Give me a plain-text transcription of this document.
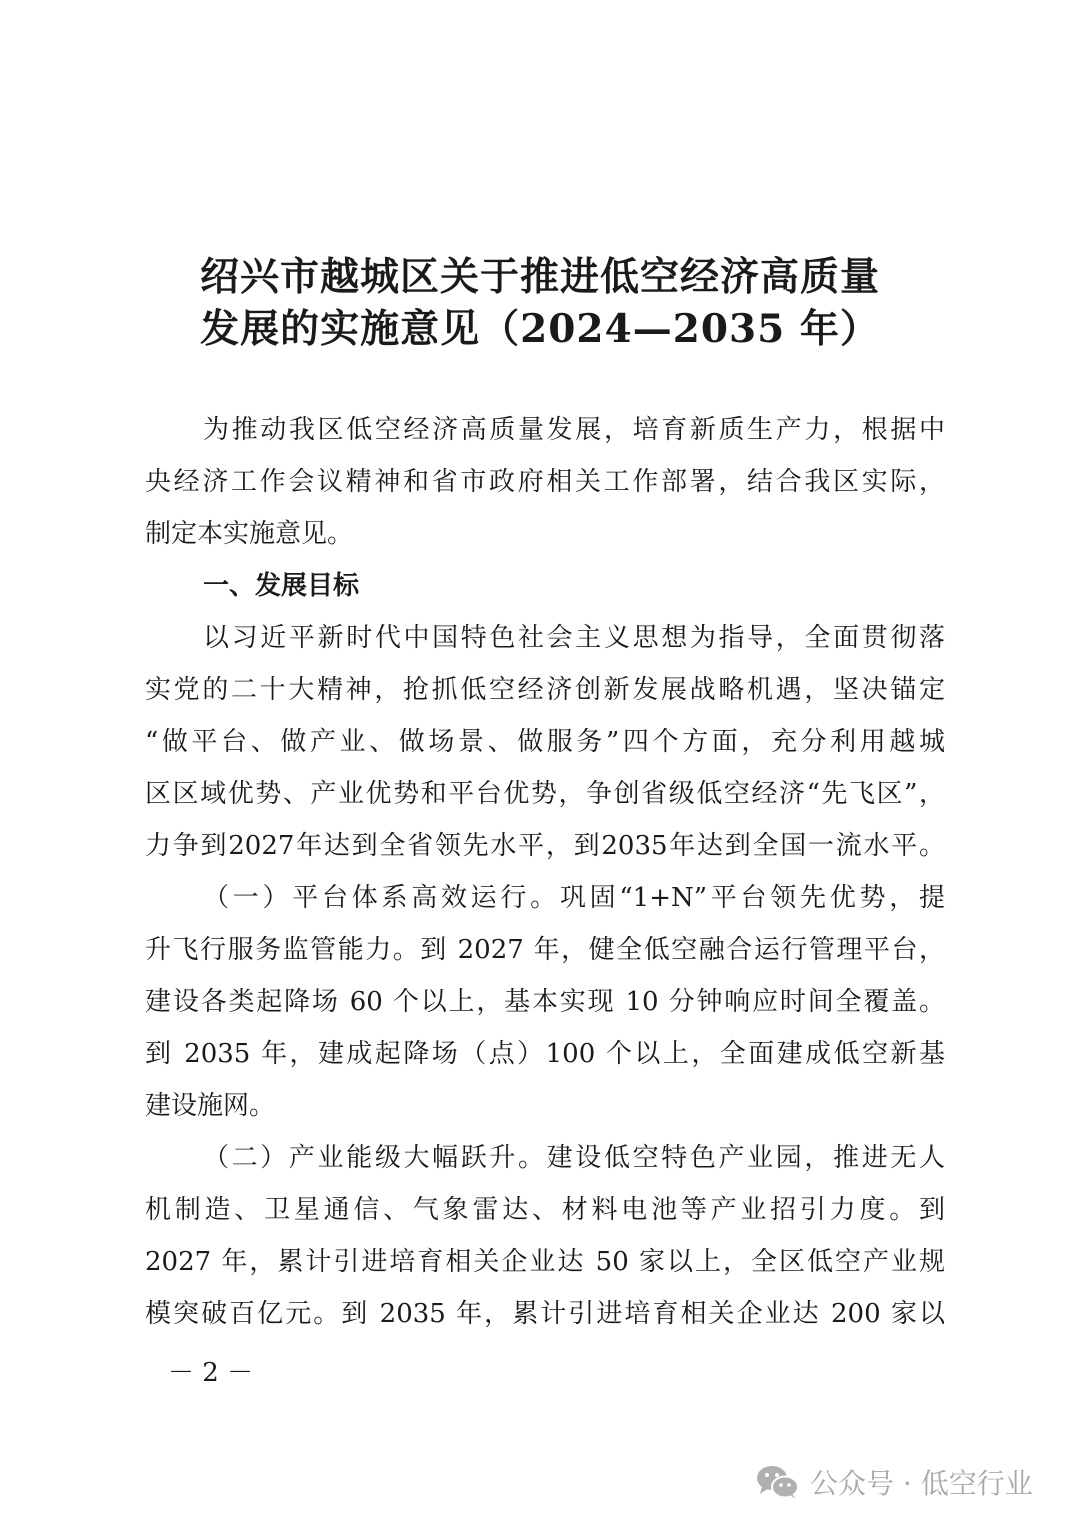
绍兴市越城区关于推进低空经济高质量
发展的实施意见（2024—2035 年）
为推动我区低空经济高质量发展，培育新质生产力，根据中
央经济工作会议精神和省市政府相关工作部署，结合我区实际，
制定本实施意见。
一、发展目标
以习近平新时代中国特色社会主义思想为指导，全面贯彻落
实党的二十大精神，抢抓低空经济创新发展战略机遇，坚决锚定
“做平台、做产业、做场景、做服务”四个方面，充分利用越城
区区域优势、产业优势和平台优势，争创省级低空经济“先飞区”，
力争到2027年达到全省领先水平，到2035年达到全国一流水平。
（一）平台体系高效运行。巩固“1+N”平台领先优势，提
升飞行服务监管能力。到 2027 年，健全低空融合运行管理平台，
建设各类起降场 60 个以上，基本实现 10 分钟响应时间全覆盖。
到 2035 年，建成起降场（点）100 个以上，全面建成低空新基
建设施网。
（二）产业能级大幅跃升。建设低空特色产业园，推进无人
机制造、卫星通信、气象雷达、材料电池等产业招引力度。到
2027 年，累计引进培育相关企业达 50 家以上，全区低空产业规
模突破百亿元。到 2035 年，累计引进培育相关企业达 200 家以
－ 2 －
公众号 · 低空行业
